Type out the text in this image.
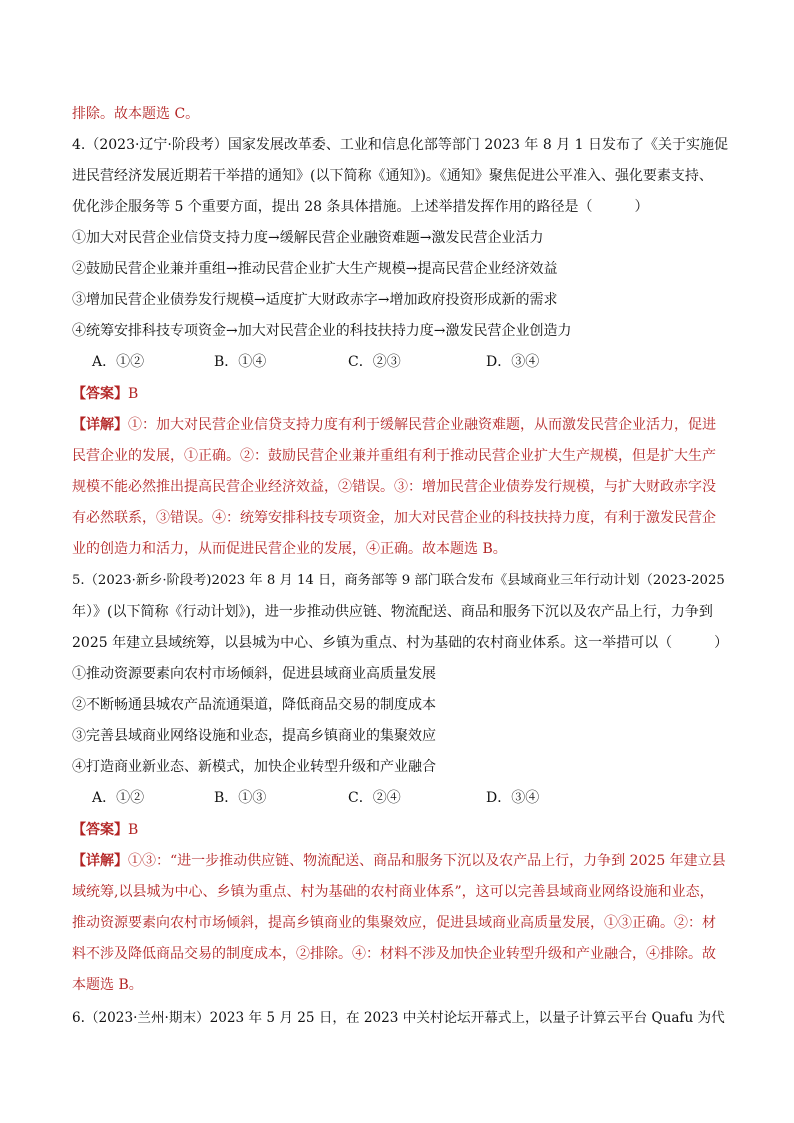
排除。故本题选 C。
4.（2023·辽宁·阶段考）国家发展改革委、工业和信息化部等部门 2023 年 8 月 1 日发布了《关于实施促
进民营经济发展近期若干举措的通知》(以下简称《通知》)。《通知》聚焦促进公平准入、强化要素支持、
优化涉企服务等 5 个重要方面，提出 28 条具体措施。上述举措发挥作用的路径是（　　　）
①加大对民营企业信贷支持力度→缓解民营企业融资难题→激发民营企业活力
②鼓励民营企业兼并重组→推动民营企业扩大生产规模→提高民营企业经济效益
③增加民营企业债券发行规模→适度扩大财政赤字→增加政府投资形成新的需求
④统筹安排科技专项资金→加大对民营企业的科技扶持力度→激发民营企业创造力
A．①②	B．①④	C．②③	D．③④
【答案】B
【详解】①：加大对民营企业信贷支持力度有利于缓解民营企业融资难题，从而激发民营企业活力，促进
民营企业的发展，①正确。②：鼓励民营企业兼并重组有利于推动民营企业扩大生产规模，但是扩大生产
规模不能必然推出提高民营企业经济效益，②错误。③：增加民营企业债券发行规模，与扩大财政赤字没
有必然联系，③错误。④：统筹安排科技专项资金，加大对民营企业的科技扶持力度，有利于激发民营企
业的创造力和活力，从而促进民营企业的发展，④正确。故本题选 B。
5.（2023·新乡·阶段考)2023 年 8 月 14 日，商务部等 9 部门联合发布《县域商业三年行动计划（2023-2025
年）》(以下简称《行动计划》)，进一步推动供应链、物流配送、商品和服务下沉以及农产品上行，力争到
2025 年建立县域统筹，以县城为中心、乡镇为重点、村为基础的农村商业体系。这一举措可以（　　　）
①推动资源要素向农村市场倾斜，促进县域商业高质量发展
②不断畅通县城农产品流通渠道，降低商品交易的制度成本
③完善县域商业网络设施和业态，提高乡镇商业的集聚效应
④打造商业新业态、新模式，加快企业转型升级和产业融合
A．①②	B．①③	C．②④	D．③④
【答案】B
【详解】①③：“进一步推动供应链、物流配送、商品和服务下沉以及农产品上行，力争到 2025 年建立县
域统筹,以县城为中心、乡镇为重点、村为基础的农村商业体系”，这可以完善县域商业网络设施和业态，
推动资源要素向农村市场倾斜，提高乡镇商业的集聚效应，促进县域商业高质量发展，①③正确。②：材
料不涉及降低商品交易的制度成本，②排除。④：材料不涉及加快企业转型升级和产业融合，④排除。故
本题选 B。
6.（2023·兰州·期末）2023 年 5 月 25 日，在 2023 中关村论坛开幕式上，以量子计算云平台 Quafu 为代
